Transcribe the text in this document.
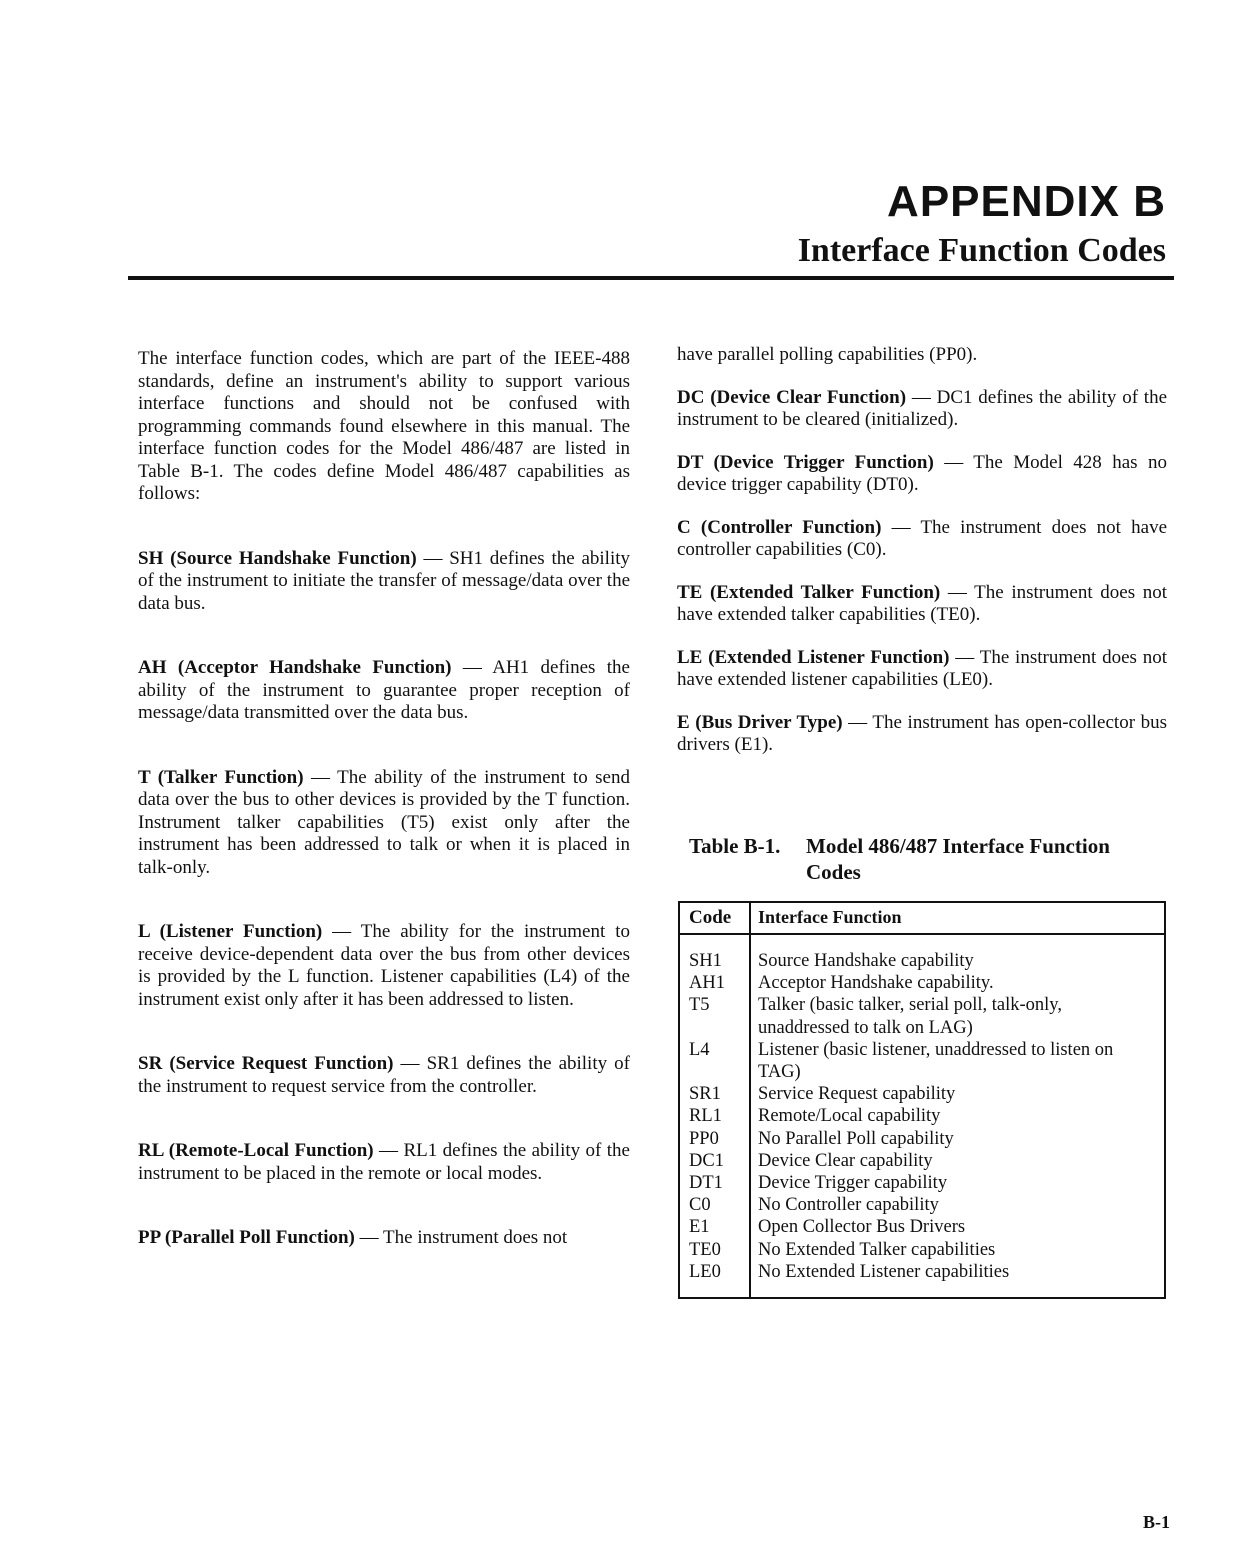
APPENDIX B
Interface Function Codes

The interface function codes, which are part of the IEEE-488 standards, define an instrument's ability to support various interface functions and should not be confused with programming commands found elsewhere in this manual. The interface function codes for the Model 486/487 are listed in Table B-1. The codes define Model 486/487 capabilities as follows:

SH (Source Handshake Function) — SH1 defines the ability of the instrument to initiate the transfer of message/data over the data bus.

AH (Acceptor Handshake Function) — AH1 defines the ability of the instrument to guarantee proper reception of message/data transmitted over the data bus.

T (Talker Function) — The ability of the instrument to send data over the bus to other devices is provided by the T function. Instrument talker capabilities (T5) exist only after the instrument has been addressed to talk or when it is placed in talk-only.

L (Listener Function) — The ability for the instrument to receive device-dependent data over the bus from other devices is provided by the L function. Listener capabilities (L4) of the instrument exist only after it has been addressed to listen.

SR (Service Request Function) — SR1 defines the ability of the instrument to request service from the controller.

RL (Remote-Local Function) — RL1 defines the ability of the instrument to be placed in the remote or local modes.

PP (Parallel Poll Function) — The instrument does not

have parallel polling capabilities (PP0).

DC (Device Clear Function) — DC1 defines the ability of the instrument to be cleared (initialized).

DT (Device Trigger Function) — The Model 428 has no device trigger capability (DT0).

C (Controller Function) — The instrument does not have controller capabilities (C0).

TE (Extended Talker Function) — The instrument does not have extended talker capabilities (TE0).

LE (Extended Listener Function) — The instrument does not have extended listener capabilities (LE0).

E (Bus Driver Type) — The instrument has open-collector bus drivers (E1).

Table B-1. Model 486/487 Interface Function Codes
Code Interface Function
SH1	Source Handshake capability
AH1	Acceptor Handshake capability.
T5	Talker (basic talker, serial poll, talk-only, unaddressed to talk on LAG)
L4	Listener (basic listener, unaddressed to listen on TAG)
SR1	Service Request capability
RL1	Remote/Local capability
PP0	No Parallel Poll capability
DC1	Device Clear capability
DT1	Device Trigger capability
C0	No Controller capability
E1	Open Collector Bus Drivers
TE0	No Extended Talker capabilities
LE0	No Extended Listener capabilities
B-1
